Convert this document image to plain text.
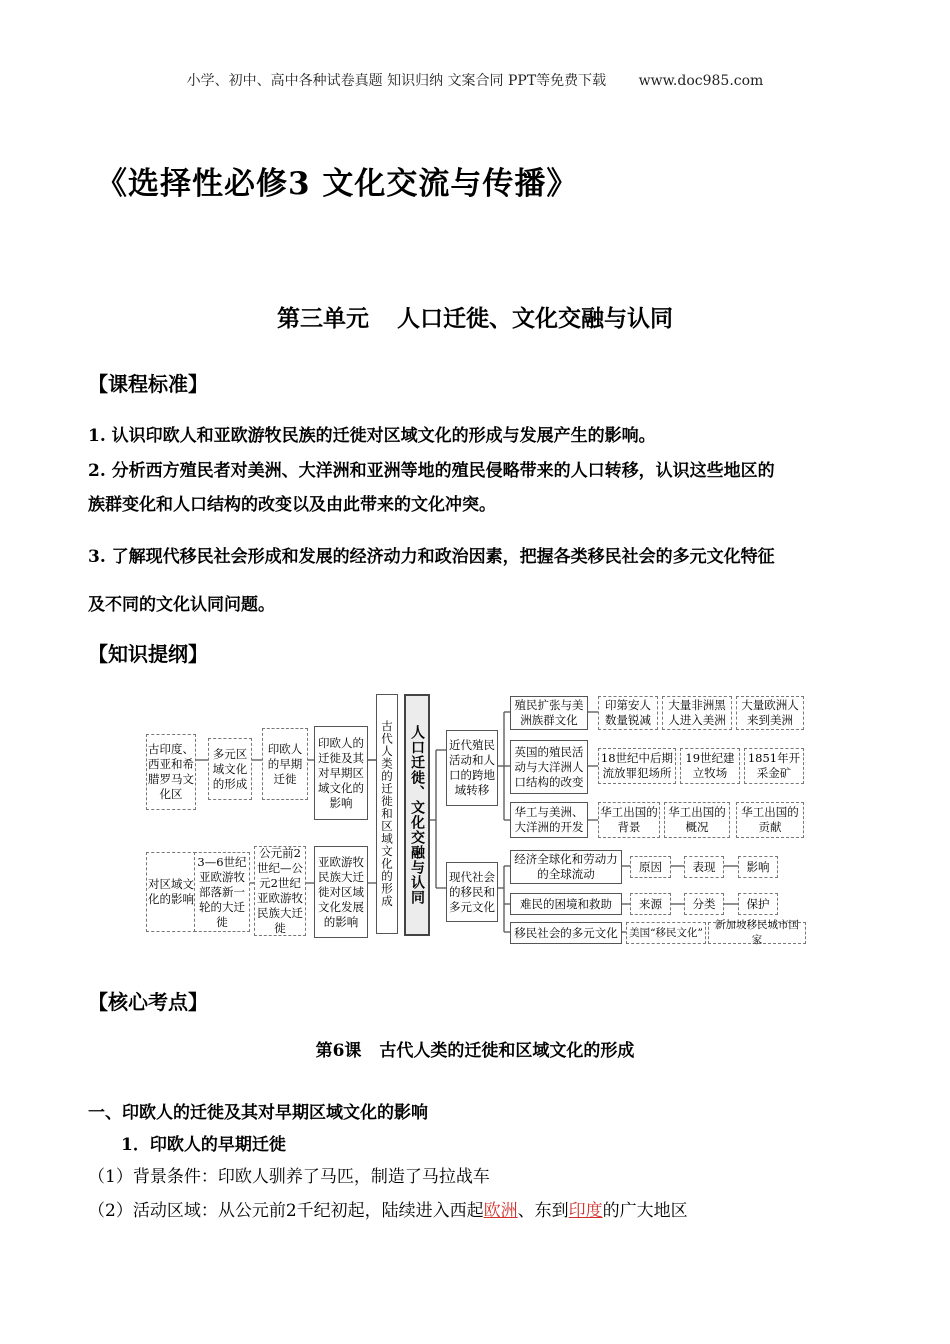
小学、初中、高中各种试卷真题 知识归纳 文案合同 PPT等免费下载 www.doc985.com
《选择性必修3 文化交流与传播》
第三单元 人口迁徙、文化交融与认同
【课程标准】
1. 认识印欧人和亚欧游牧民族的迁徙对区域文化的形成与发展产生的影响。
2. 分析西方殖民者对美洲、大洋洲和亚洲等地的殖民侵略带来的人口转移，认识这些地区的
族群变化和人口结构的改变以及由此带来的文化冲突。
3. 了解现代移民社会形成和发展的经济动力和政治因素，把握各类移民社会的多元文化特征
及不同的文化认同问题。
【知识提纲】
古印度、西亚和希腊罗马文化区
多元区域文化的形成
印欧人的早期迁徙
印欧人的迁徙及其对早期区域文化的影响
对区域文化的影响
3—6世纪亚欧游牧部落新一轮的大迁徙
公元前2世纪—公元2世纪亚欧游牧民族大迁徙
亚欧游牧民族大迁徙对区域文化发展的影响
古代人类的迁徙和区域文化的形成	人口迁徙、文化交融与认同	近代殖民活动和人口的跨地域转移
现代社会的移民和多元文化
殖民扩张与美洲族群文化
印第安人数量锐减
大量非洲黑人进入美洲
大量欧洲人来到美洲
英国的殖民活动与大洋洲人口结构的改变
18世纪中后期流放罪犯场所
19世纪建立牧场
1851年开采金矿
华工与美洲、大洋洲的开发
华工出国的背景
华工出国的概况
华工出国的贡献
经济全球化和劳动力的全球流动
原因	表现	影响
难民的困境和救助	来源	分类	保护
移民社会的多元文化	美国“移民文化”
新加坡移民城市国家
【核心考点】
第6课 古代人类的迁徙和区域文化的形成
一、印欧人的迁徙及其对早期区域文化的影响
1．印欧人的早期迁徙
（1）背景条件：印欧人驯养了马匹，制造了马拉战车
（2）活动区域：从公元前2千纪初起，陆续进入西起欧洲、东到印度的广大地区
